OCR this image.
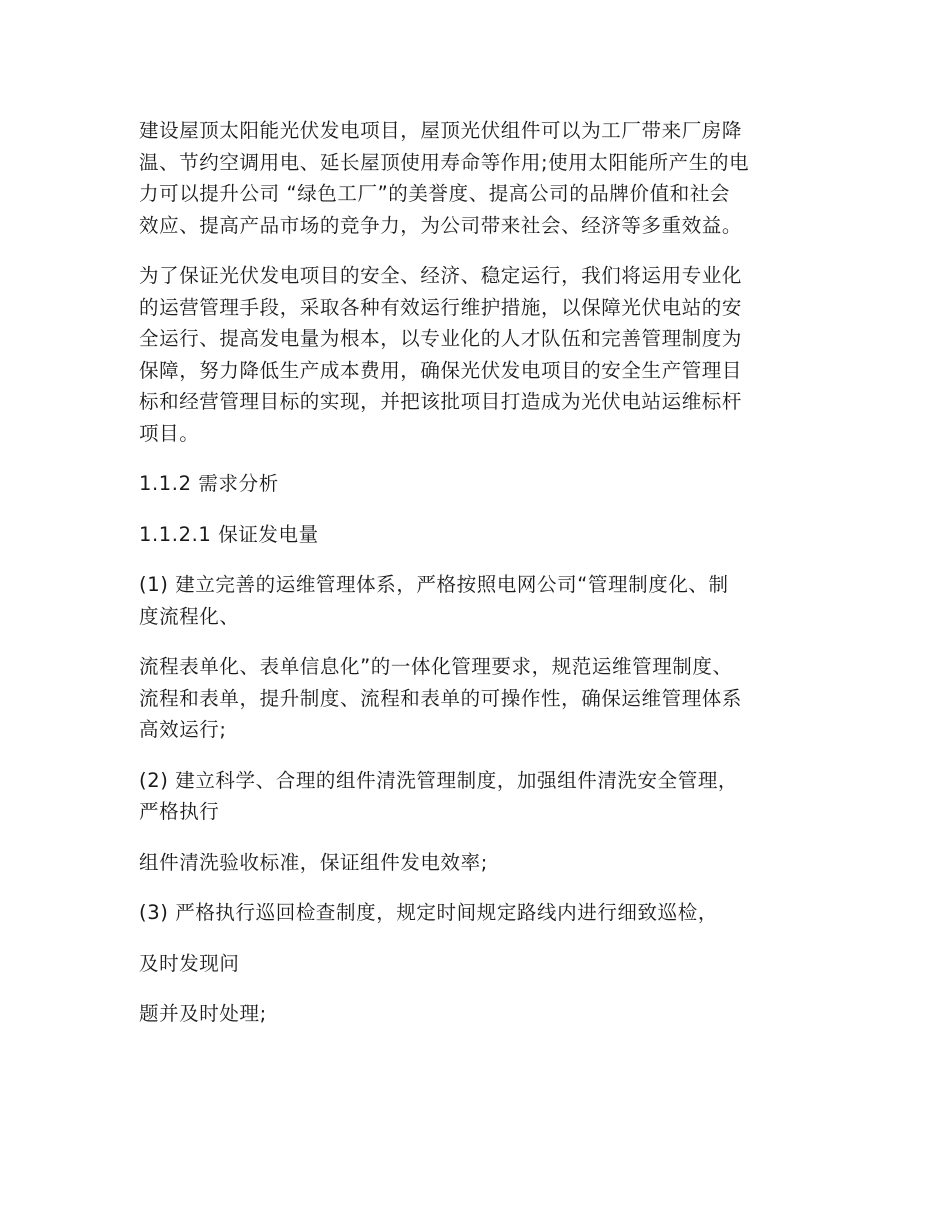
建设屋顶太阳能光伏发电项目，屋顶光伏组件可以为工厂带来厂房降
温、节约空调用电、延长屋顶使用寿命等作用;使用太阳能所产生的电
力可以提升公司 “绿色工厂”的美誉度、提高公司的品牌价值和社会
效应、提高产品市场的竞争力，为公司带来社会、经济等多重效益。

为了保证光伏发电项目的安全、经济、稳定运行，我们将运用专业化
的运营管理手段，采取各种有效运行维护措施，以保障光伏电站的安
全运行、提高发电量为根本，以专业化的人才队伍和完善管理制度为
保障，努力降低生产成本费用，确保光伏发电项目的安全生产管理目
标和经营管理目标的实现，并把该批项目打造成为光伏电站运维标杆
项目。

1.1.2 需求分析

1.1.2.1 保证发电量

(1) 建立完善的运维管理体系，严格按照电网公司“管理制度化、制
度流程化、

流程表单化、表单信息化”的一体化管理要求，规范运维管理制度、
流程和表单，提升制度、流程和表单的可操作性，确保运维管理体系
高效运行;

(2) 建立科学、合理的组件清洗管理制度，加强组件清洗安全管理，
严格执行

组件清洗验收标准，保证组件发电效率;

(3) 严格执行巡回检查制度，规定时间规定路线内进行细致巡检，

及时发现问

题并及时处理;
